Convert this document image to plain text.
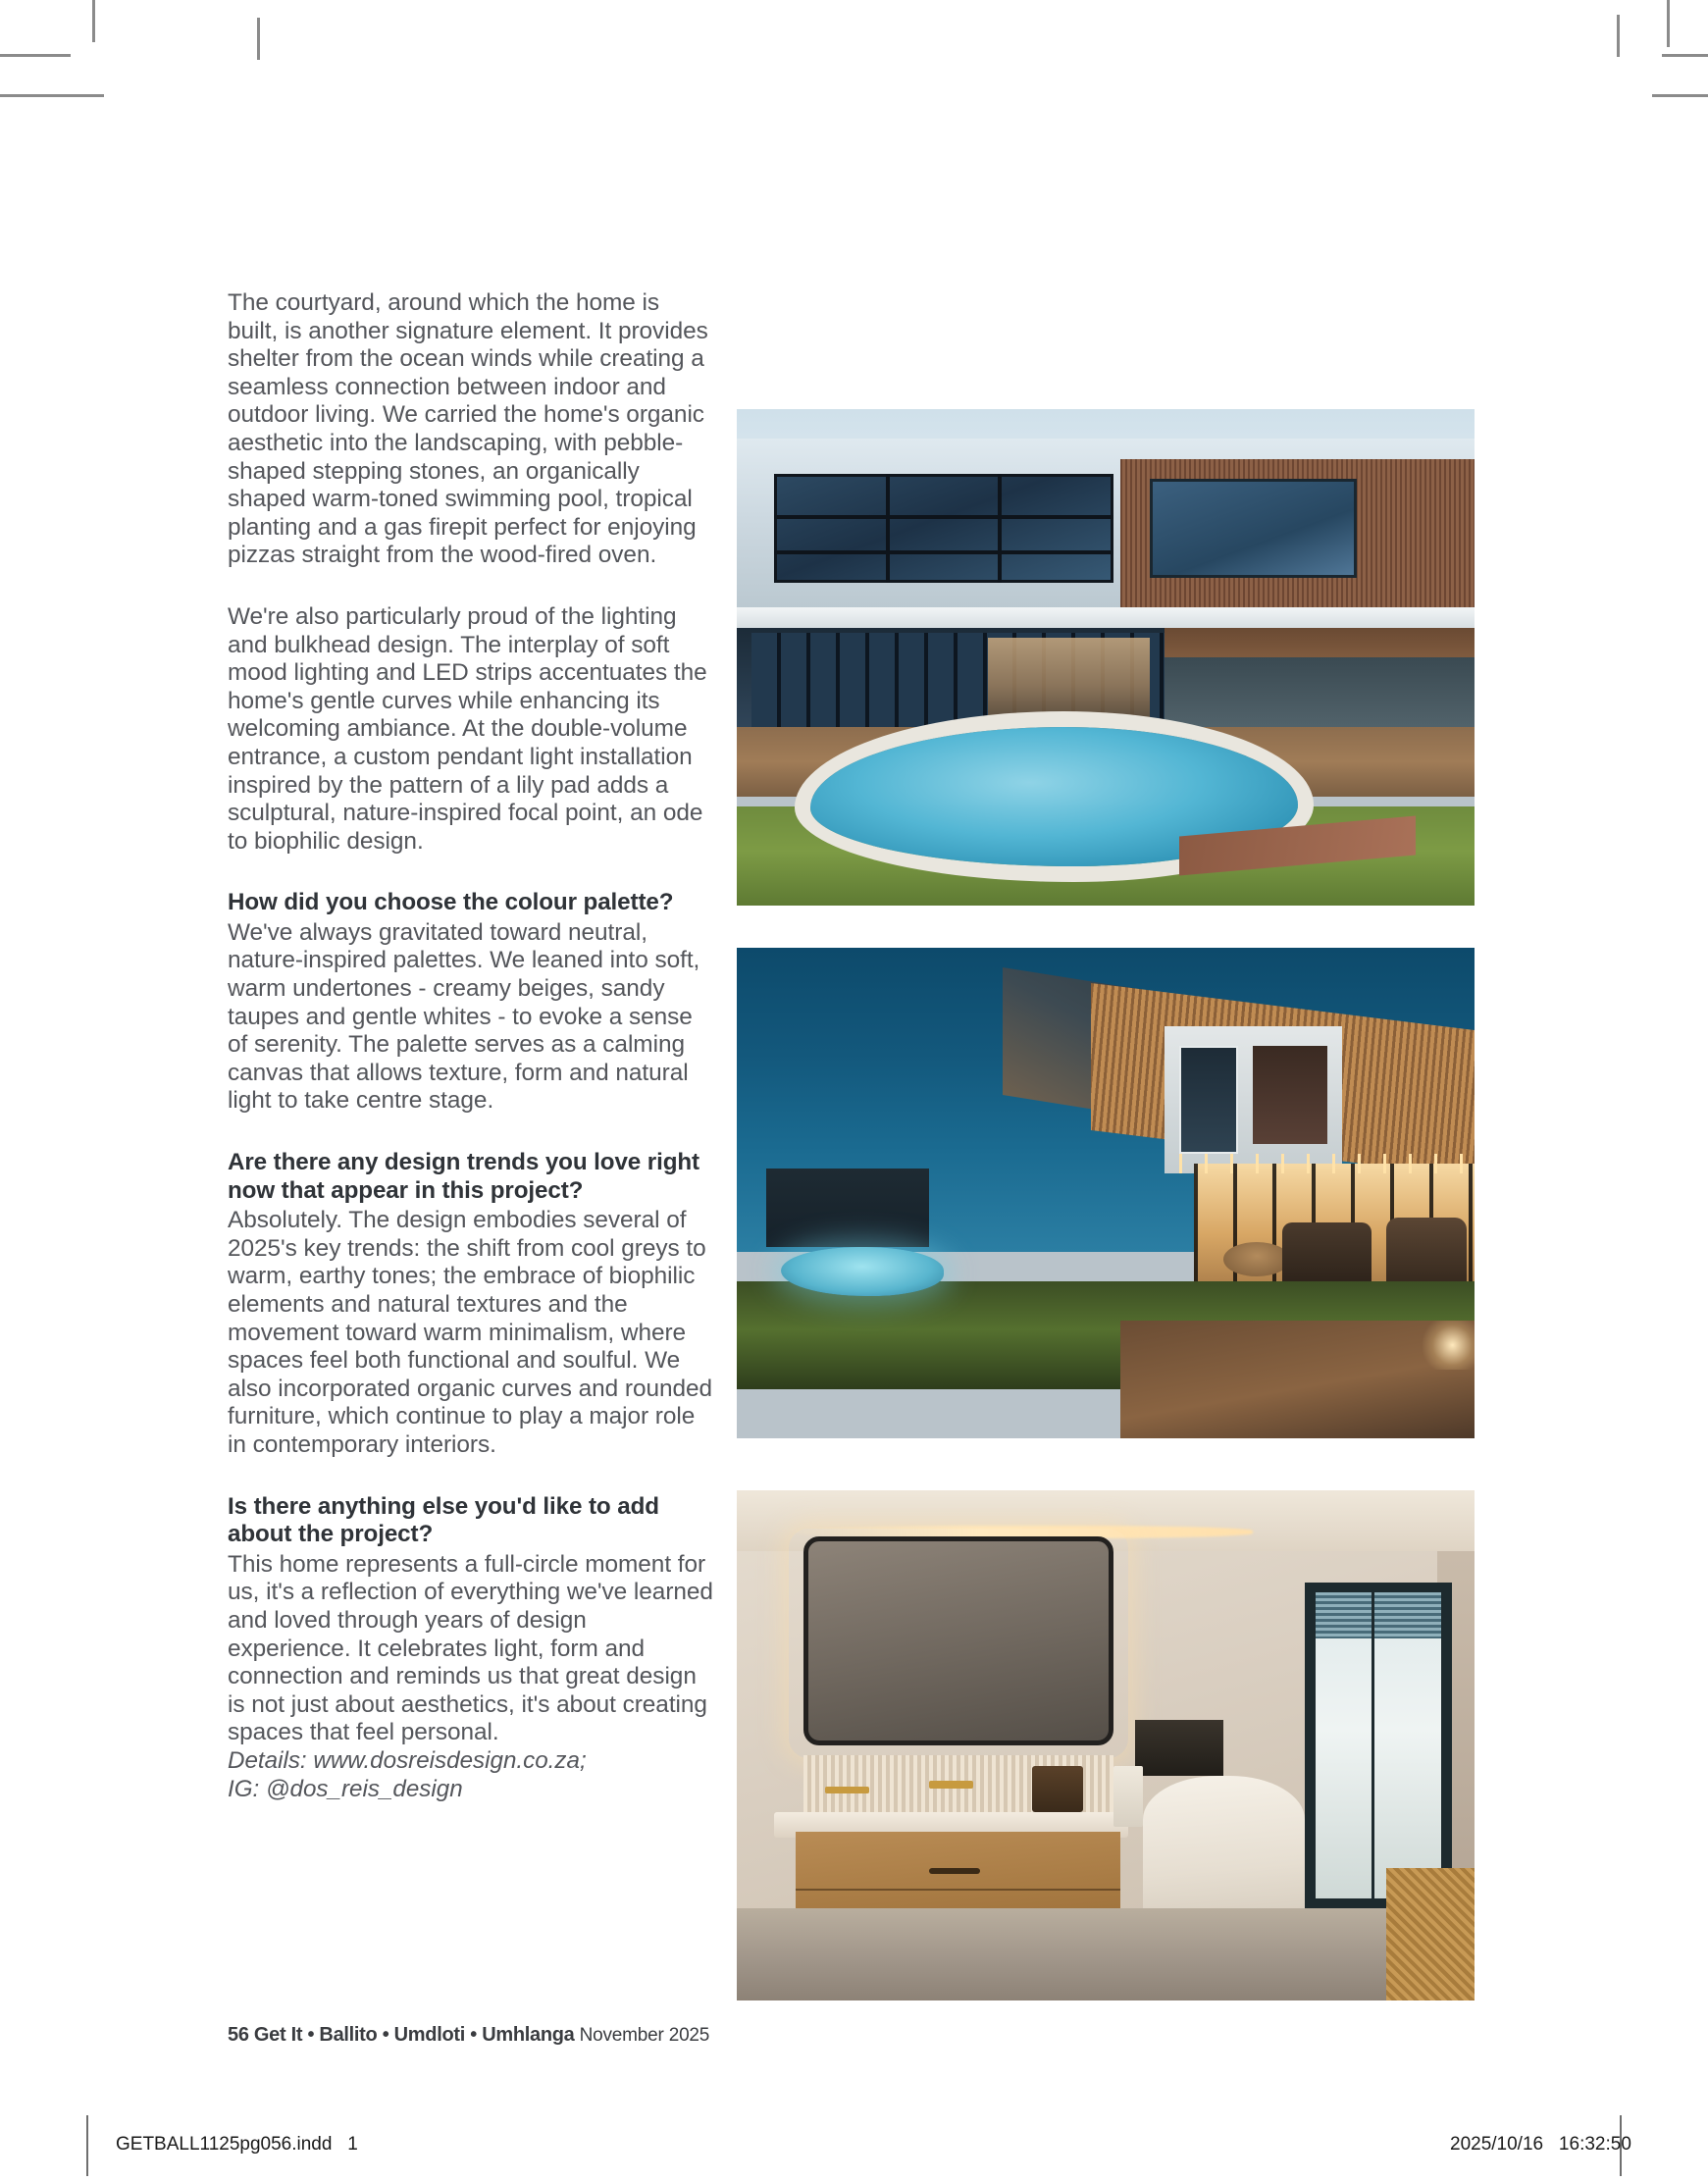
The courtyard, around which the home is built, is another signature element. It provides shelter from the ocean winds while creating a seamless connection between indoor and outdoor living. We carried the home's organic aesthetic into the landscaping, with pebble-shaped stepping stones, an organically shaped warm-toned swimming pool, tropical planting and a gas firepit perfect for enjoying pizzas straight from the wood-fired oven.

We're also particularly proud of the lighting and bulkhead design. The interplay of soft mood lighting and LED strips accentuates the home's gentle curves while enhancing its welcoming ambiance. At the double-volume entrance, a custom pendant light installation inspired by the pattern of a lily pad adds a sculptural, nature-inspired focal point, an ode to biophilic design.

How did you choose the colour palette?

We've always gravitated toward neutral, nature-inspired palettes. We leaned into soft, warm undertones - creamy beiges, sandy taupes and gentle whites - to evoke a sense of serenity. The palette serves as a calming canvas that allows texture, form and natural light to take centre stage.

Are there any design trends you love right now that appear in this project?

Absolutely. The design embodies several of 2025's key trends: the shift from cool greys to warm, earthy tones; the embrace of biophilic elements and natural textures and the movement toward warm minimalism, where spaces feel both functional and soulful. We also incorporated organic curves and rounded furniture, which continue to play a major role in contemporary interiors.

Is there anything else you'd like to add about the project?

This home represents a full-circle moment for us, it's a reflection of everything we've learned and loved through years of design experience. It celebrates light, form and connection and reminds us that great design is not just about aesthetics, it's about creating spaces that feel personal.

Details: www.dosreisdesign.co.za;

IG: @dos_reis_design

56 Get It • Ballito • Umdloti • Umhlanga November 2025
GETBALL1125pg056.indd   1	2025/10/16   16:32:50
